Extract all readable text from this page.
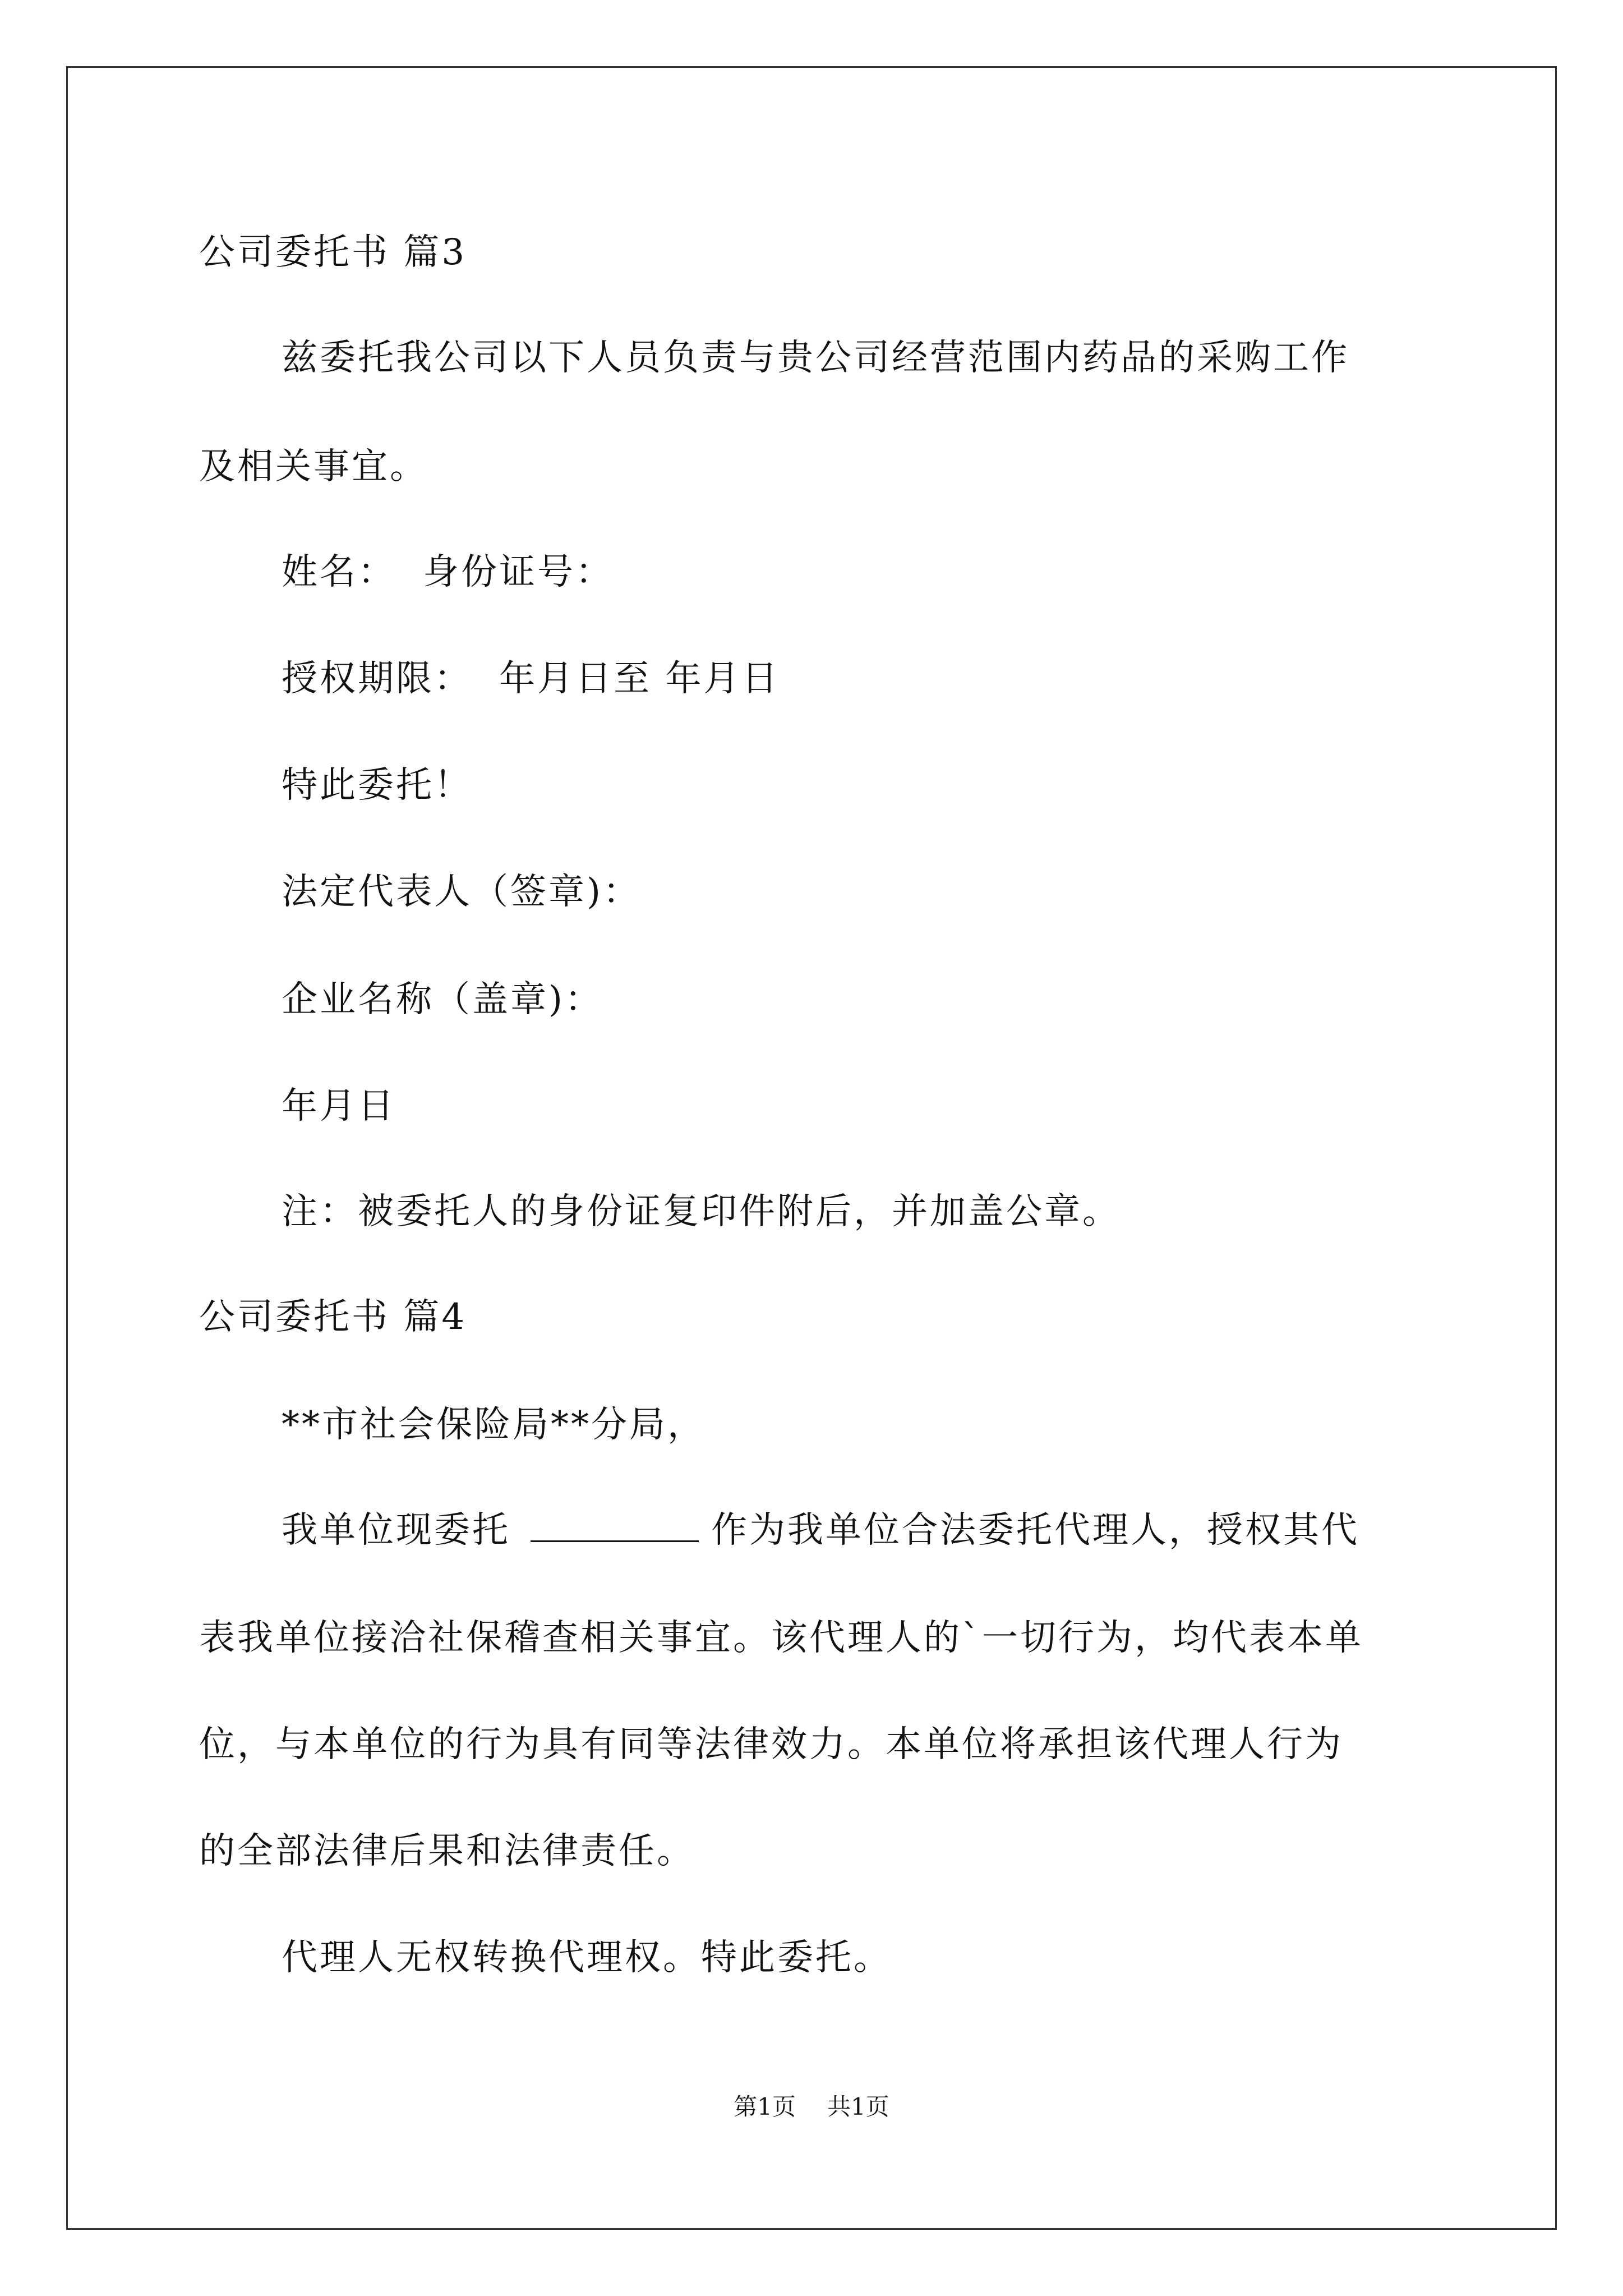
公司委托书 篇3
兹委托我公司以下人员负责与贵公司经营范围内药品的采购工作
及相关事宜。
姓名： 身份证号：
授权期限： 年月日至 年月日
特此委托！
法定代表人（签章)：
企业名称（盖章)：
年月日
注：被委托人的身份证复印件附后，并加盖公章。
公司委托书 篇4
**市社会保险局**分局，
我单位现委托	作为我单位合法委托代理人，授权其代
表我单位接洽社保稽查相关事宜。该代理人的`一切行为，均代表本单
位，与本单位的行为具有同等法律效力。本单位将承担该代理人行为
的全部法律后果和法律责任。
代理人无权转换代理权。特此委托。
第1页 共1页
